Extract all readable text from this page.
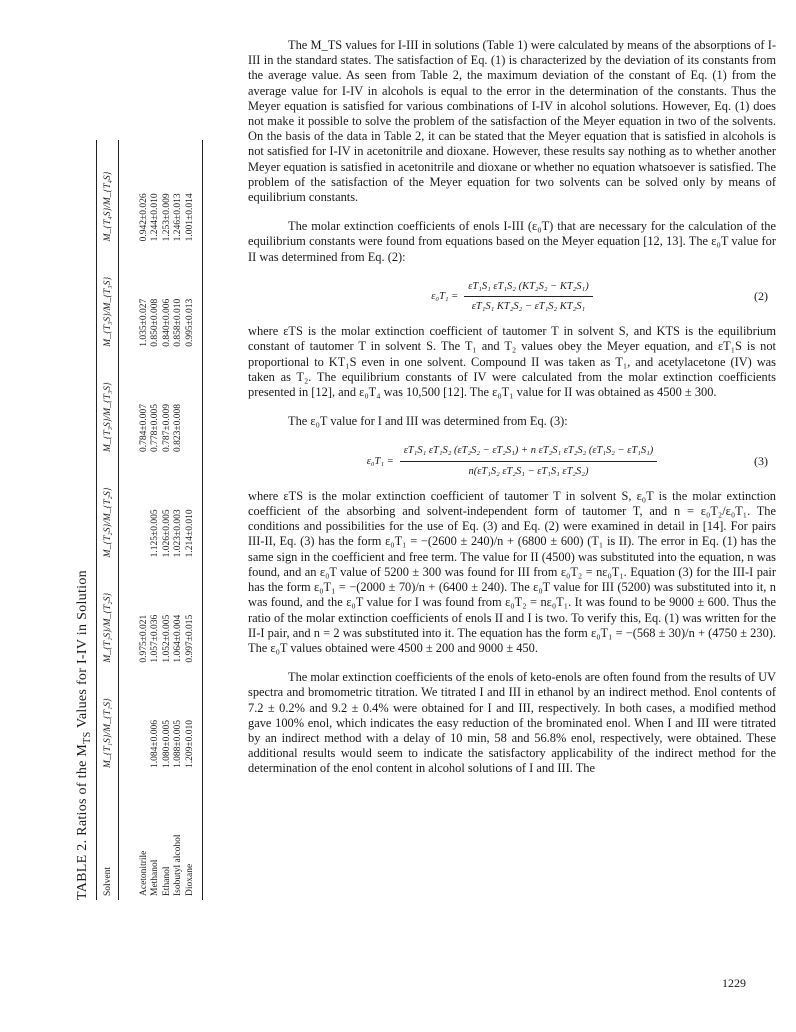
TABLE 2. Ratios of the $M_{TS}$ Values for I-IV in Solution
Solvent	M_{T₁S}/M_{T₁S}	M_{T₁S}/M_{T₂S}	M_{T₂S}/M_{T₂S}	M_{T₃S}/M_{T₃S}	M_{T₃S}/M_{T₃S}	M_{T₄S}/M_{T₄S}
Acetonitrile		0.975±0.021		0.784±0.007	1.035±0.027	0.942±0.026
Methanol	1.084±0.006	1.057±0.036	1.125±0.005	0.778±0.005	0.850±0.008	1.244±0.010
Ethanol	1.080±0.005	1.052±0.005	1.026±0.005	0.787±0.009	0.840±0.006	1.253±0.009
Isobutyl alcohol	1.088±0.005	1.064±0.004	1.023±0.003	0.823±0.008	0.858±0.010	1.246±0.013
Dioxane	1.209±0.010	0.997±0.015	1.214±0.010		0.995±0.013	1.001±0.014

The M_TS values for I-III in solutions (Table 1) were calculated by means of the absorptions of I-III in the standard states. The satisfaction of Eq. (1) is characterized by the deviation of its constants from the average value. As seen from Table 2, the maximum deviation of the constant of Eq. (1) from the average value for I-IV in alcohols is equal to the error in the determination of the constants. Thus the Meyer equation is satisfied for various combinations of I-IV in alcohol solutions. However, Eq. (1) does not make it possible to solve the problem of the satisfaction of the Meyer equation in two of the solvents. On the basis of the data in Table 2, it can be stated that the Meyer equation that is satisfied in alcohols is not satisfied for I-IV in acetonitrile and dioxane. However, these results say nothing as to whether another Meyer equation is satisfied in acetonitrile and dioxane or whether no equation whatsoever is satisfied. The problem of the satisfaction of the Meyer equation for two solvents can be solved only by means of equilibrium constants.

The molar extinction coefficients of enols I-III (ε₀T) that are necessary for the calculation of the equilibrium constants were found from equations based on the Meyer equation [12, 13]. The ε₀T value for II was determined from Eq. (2):

$\varepsilon_0T_1 = \frac{\text{εT₁S₁ εT₁S₂ (KT₂S₂ − KT₂S₁)}}{\text{εT₁S₁ KT₂S₂ − εT₁S₂ KT₂S₁}}$	(2)

where εTS is the molar extinction coefficient of tautomer T in solvent S, and KTS is the equilibrium constant of tautomer T in solvent S. The T₁ and T₂ values obey the Meyer equation, and εT₁S is not proportional to KT₁S even in one solvent. Compound II was taken as T₁, and acetylacetone (IV) was taken as T₂. The equilibrium constants of IV were calculated from the molar extinction coefficients presented in [12], and ε₀T₄ was 10,500 [12]. The ε₀T₁ value for II was obtained as 4500 ± 300.

The ε₀T value for I and III was determined from Eq. (3):

$\varepsilon_0T_1 = \frac{\text{εT₁S₁ εT₁S₂ (εT₂S₂ − εT₂S₁) + n εT₂S₁ εT₂S₂ (εT₁S₂ − εT₁S₁)}}{\text{n(εT₁S₂ εT₂S₁ − εT₁S₁ εT₂S₂)}}$	(3)

where εTS is the molar extinction coefficient of tautomer T in solvent S, ε₀T is the molar extinction coefficient of the absorbing and solvent-independent form of tautomer T, and n = ε₀T₂/ε₀T₁. The conditions and possibilities for the use of Eq. (3) and Eq. (2) were examined in detail in [14]. For pairs III-II, Eq. (3) has the form ε₀T₁ = −(2600 ± 240)/n + (6800 ± 600) (T₁ is II). The error in Eq. (1) has the same sign in the coefficient and free term. The value for II (4500) was substituted into the equation, n was found, and an ε₀T value of 5200 ± 300 was found for III from ε₀T₂ = nε₀T₁. Equation (3) for the III-I pair has the form ε₀T₁ = −(2000 ± 70)/n + (6400 ± 240). The ε₀T value for III (5200) was substituted into it, n was found, and the ε₀T value for I was found from ε₀T₂ = nε₀T₁. It was found to be 9000 ± 600. Thus the ratio of the molar extinction coefficients of enols II and I is two. To verify this, Eq. (1) was written for the II-I pair, and n = 2 was substituted into it. The equation has the form ε₀T₁ = −(568 ± 30)/n + (4750 ± 230). The ε₀T values obtained were 4500 ± 200 and 9000 ± 450.

The molar extinction coefficients of the enols of keto-enols are often found from the results of UV spectra and bromometric titration. We titrated I and III in ethanol by an indirect method. Enol contents of 7.2 ± 0.2% and 9.2 ± 0.4% were obtained for I and III, respectively. In both cases, a modified method gave 100% enol, which indicates the easy reduction of the brominated enol. When I and III were titrated by an indirect method with a delay of 10 min, 58 and 56.8% enol, respectively, were obtained. These additional results would seem to indicate the satisfactory applicability of the indirect method for the determination of the enol content in alcohol solutions of I and III. The

1229
